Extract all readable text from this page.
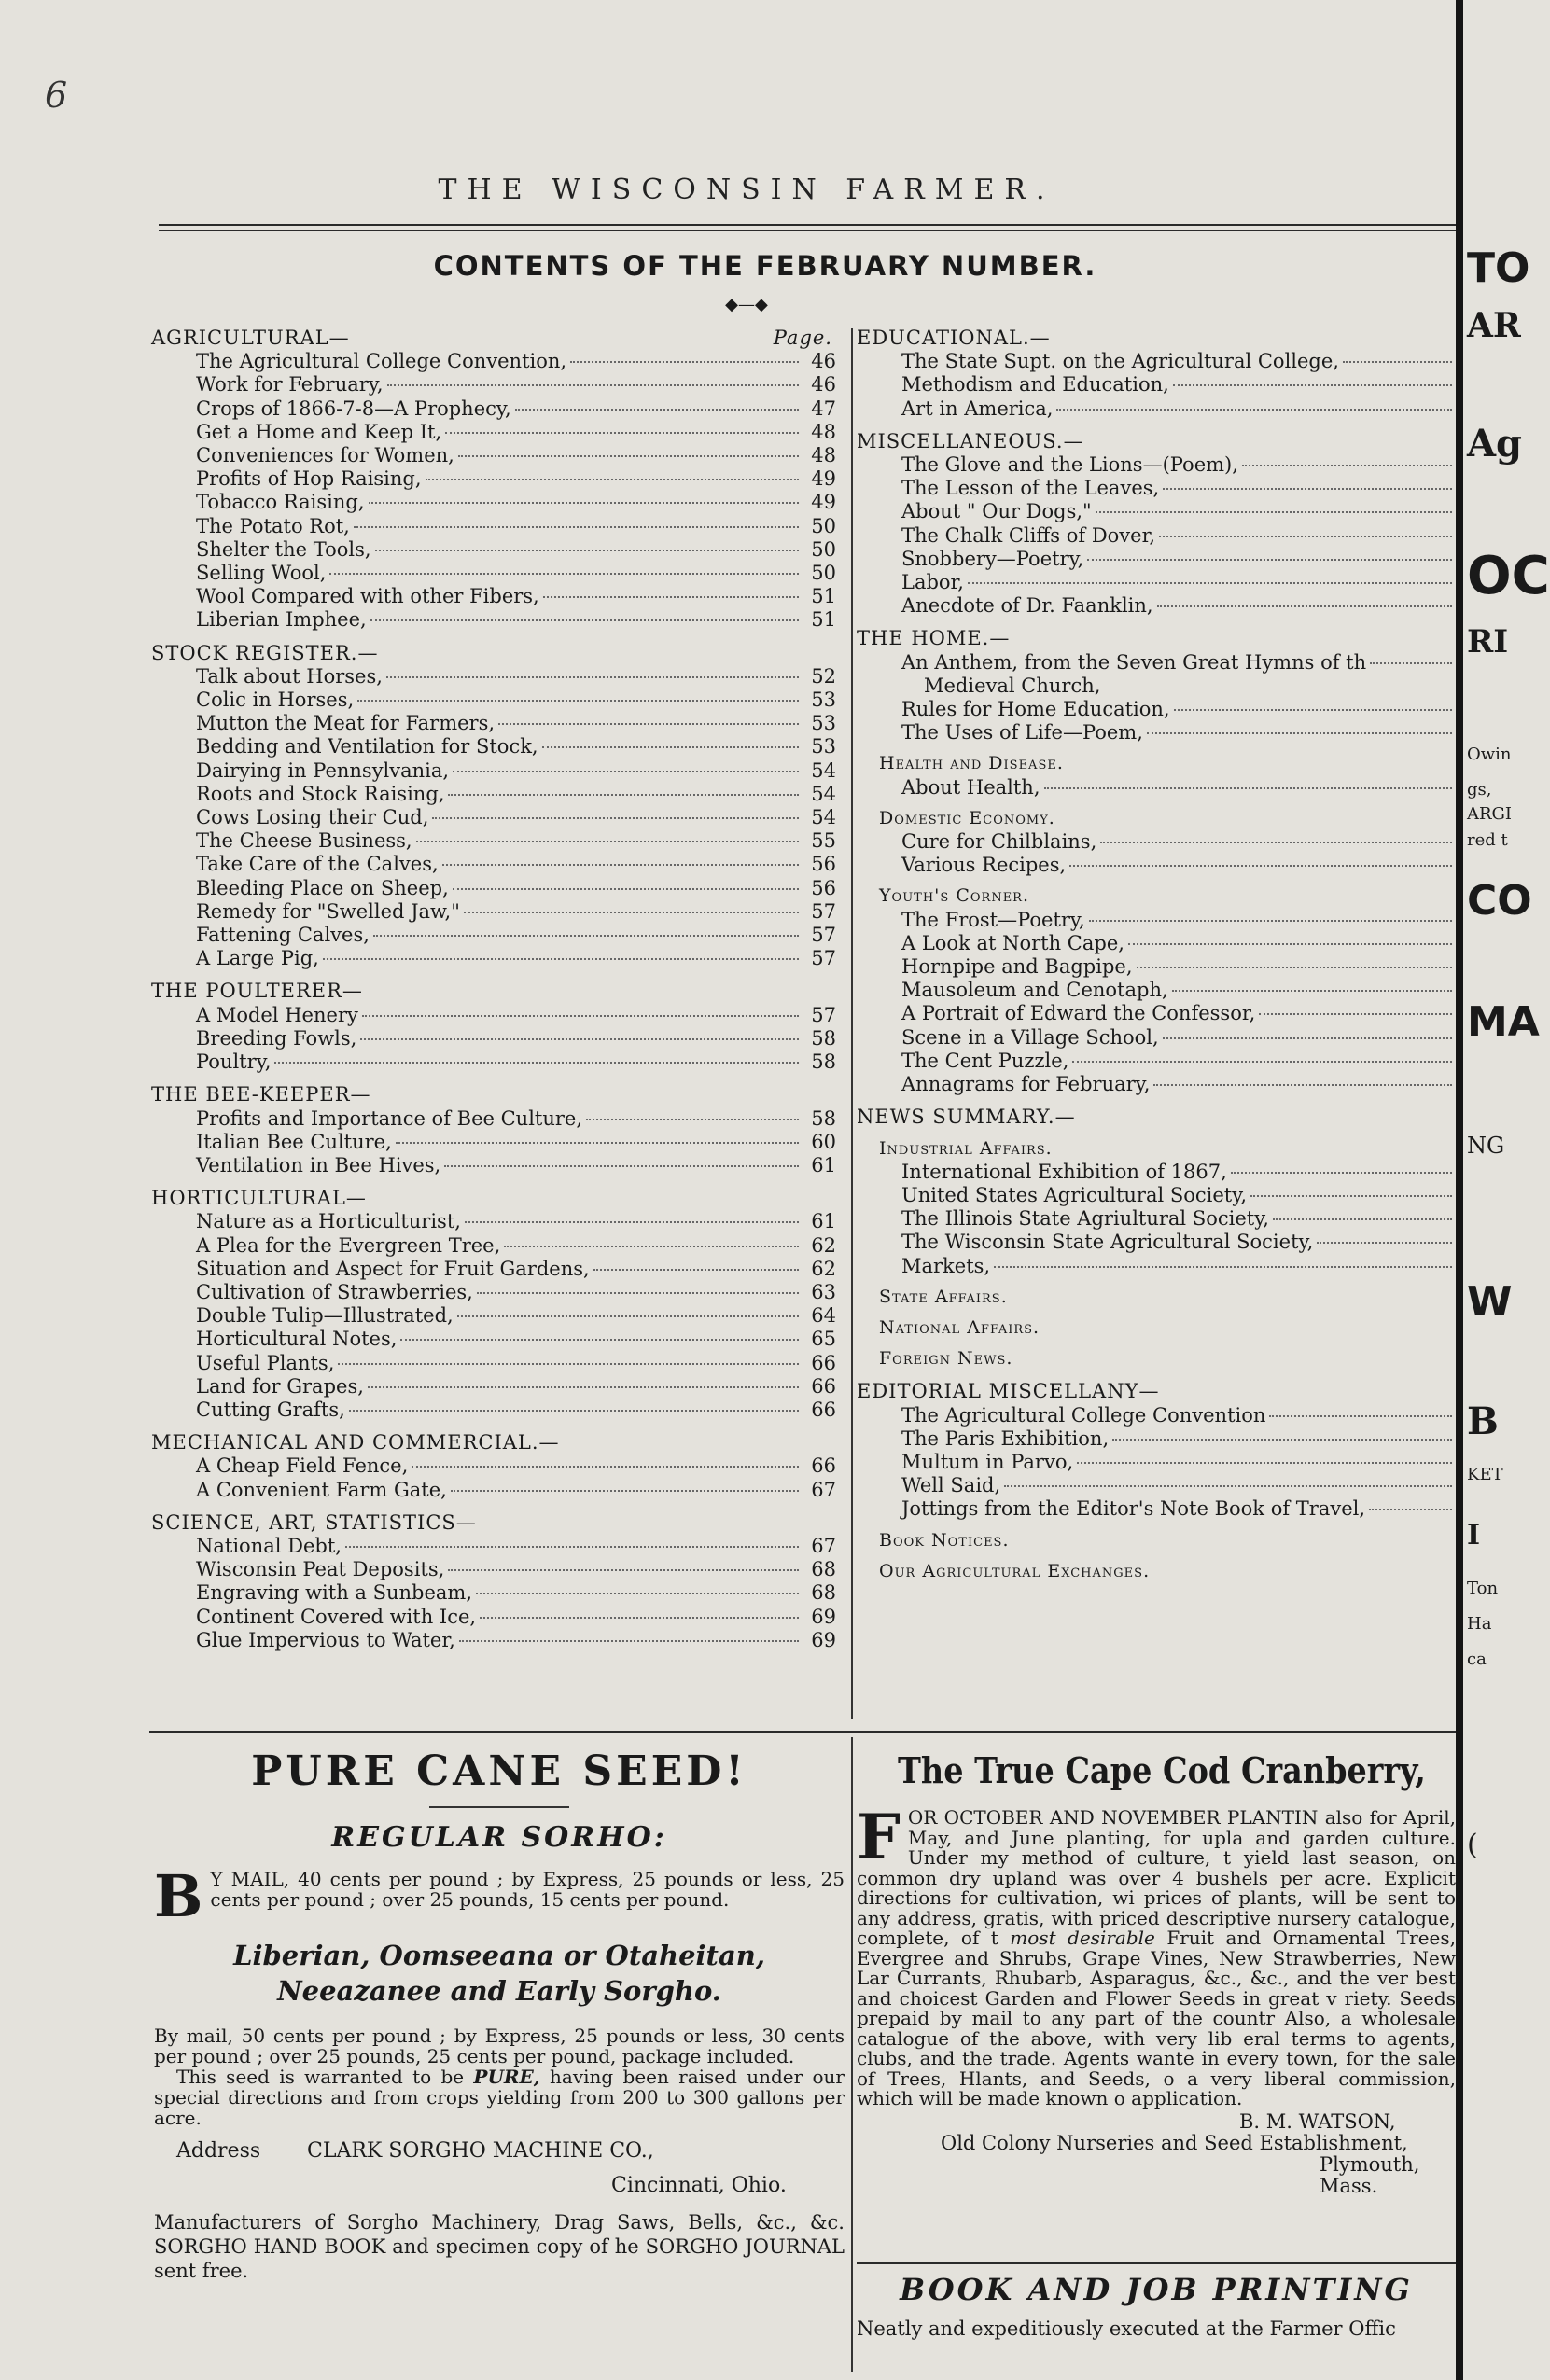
6
THE WISCONSIN FARMER.
CONTENTS OF THE FEBRUARY NUMBER.
◆—◆
AGRICULTURAL—	Page.
The Agricultural College Convention,	46
Work for February,	46
Crops of 1866-7-8—A Prophecy,	47
Get a Home and Keep It,	48
Conveniences for Women,	48
Profits of Hop Raising,	49
Tobacco Raising,	49
The Potato Rot,	50
Shelter the Tools,	50
Selling Wool,	50
Wool Compared with other Fibers,	51
Liberian Imphee,	51
STOCK REGISTER.—
Talk about Horses,	52
Colic in Horses,	53
Mutton the Meat for Farmers,	53
Bedding and Ventilation for Stock,	53
Dairying in Pennsylvania,	54
Roots and Stock Raising,	54
Cows Losing their Cud,	54
The Cheese Business,	55
Take Care of the Calves,	56
Bleeding Place on Sheep,	56
Remedy for "Swelled Jaw,"	57
Fattening Calves,	57
A Large Pig,	57
THE POULTERER—
A Model Henery	57
Breeding Fowls,	58
Poultry,	58
THE BEE-KEEPER—
Profits and Importance of Bee Culture,	58
Italian Bee Culture,	60
Ventilation in Bee Hives,	61
HORTICULTURAL—
Nature as a Horticulturist,	61
A Plea for the Evergreen Tree,	62
Situation and Aspect for Fruit Gardens,	62
Cultivation of Strawberries,	63
Double Tulip—Illustrated,	64
Horticultural Notes,	65
Useful Plants,	66
Land for Grapes,	66
Cutting Grafts,	66
MECHANICAL AND COMMERCIAL.—
A Cheap Field Fence,	66
A Convenient Farm Gate,	67
SCIENCE, ART, STATISTICS—
National Debt,	67
Wisconsin Peat Deposits,	68
Engraving with a Sunbeam,	68
Continent Covered with Ice,	69
Glue Impervious to Water,	69
EDUCATIONAL.—
The State Supt. on the Agricultural College,
Methodism and Education,
Art in America,
MISCELLANEOUS.—
The Glove and the Lions—(Poem),
The Lesson of the Leaves,
About " Our Dogs,"
The Chalk Cliffs of Dover,
Snobbery—Poetry,
Labor,
Anecdote of Dr. Faanklin,
THE HOME.—
An Anthem, from the Seven Great Hymns of th
Medieval Church,
Rules for Home Education,
The Uses of Life—Poem,
Health and Disease.
About Health,
Domestic Economy.
Cure for Chilblains,
Various Recipes,
Youth's Corner.
The Frost—Poetry,
A Look at North Cape,
Hornpipe and Bagpipe,
Mausoleum and Cenotaph,
A Portrait of Edward the Confessor,
Scene in a Village School,
The Cent Puzzle,
Annagrams for February,
NEWS SUMMARY.—
Industrial Affairs.
International Exhibition of 1867,
United States Agricultural Society,
The Illinois State Agriultural Society,
The Wisconsin State Agricultural Society,
Markets,
State Affairs.
National Affairs.
Foreign News.
EDITORIAL MISCELLANY—
The Agricultural College Convention
The Paris Exhibition,
Multum in Parvo,
Well Said,
Jottings from the Editor's Note Book of Travel,
Book Notices.
Our Agricultural Exchanges.
PURE CANE SEED!
REGULAR SORHO:
B Y MAIL, 40 cents per pound ; by Express, 25 pounds or less, 25 cents per pound ; over 25 pounds, 15 cents per pound.
Liberian, Oomseeana or Otaheitan, Neeazanee and Early Sorgho.
By mail, 50 cents per pound ; by Express, 25 pounds or less, 30 cents per pound ; over 25 pounds, 25 cents per pound, package included.
This seed is warranted to be PURE, having been raised under our special directions and from crops yielding from 200 to 300 gallons per acre.
Address	CLARK SORGHO MACHINE CO.,
Cincinnati, Ohio.
Manufacturers of Sorgho Machinery, Drag Saws, Bells, &c., &c. SORGHO HAND BOOK and specimen copy of he SORGHO JOURNAL sent free.
The True Cape Cod Cranberry,
FOR OCTOBER AND NOVEMBER PLANTIN also for April, May, and June planting, for upla and garden culture. Under my method of culture, t yield last season, on common dry upland was over 4 bushels per acre. Explicit directions for cultivation, wi prices of plants, will be sent to any address, gratis, with priced descriptive nursery catalogue, complete, of t most desirable Fruit and Ornamental Trees, Evergree and Shrubs, Grape Vines, New Strawberries, New Lar Currants, Rhubarb, Asparagus, &c., &c., and the ver best and choicest Garden and Flower Seeds in great v riety. Seeds prepaid by mail to any part of the countr Also, a wholesale catalogue of the above, with very lib eral terms to agents, clubs, and the trade. Agents wante in every town, for the sale of Trees, Hlants, and Seeds, o a very liberal commission, which will be made known o application.
B. M. WATSON,
Old Colony Nurseries and Seed Establishment,
Plymouth, Mass.
BOOK AND JOB PRINTING
Neatly and expeditiously executed at the Farmer Offic
TO
AR
Ag
OC
RI
Owin
gs,
ARGI
red t
CO
MA
NG
W
B
KET
I
Ton
Ha
ca
(
